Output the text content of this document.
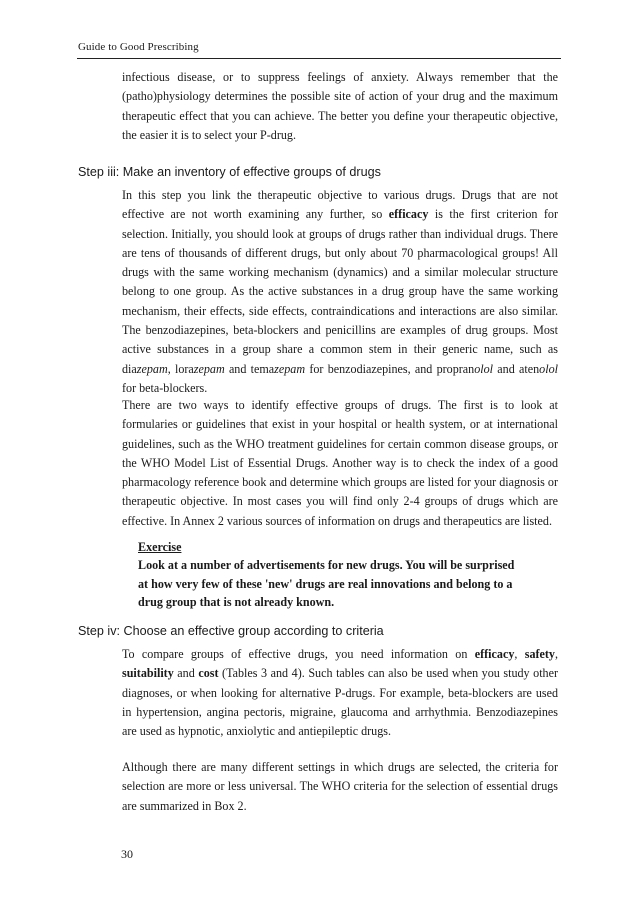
Guide to Good Prescribing

infectious disease, or to suppress feelings of anxiety. Always remember that the (patho)physiology determines the possible site of action of your drug and the maximum therapeutic effect that you can achieve. The better you define your therapeutic objective, the easier it is to select your P-drug.

Step iii: Make an inventory of effective groups of drugs

In this step you link the therapeutic objective to various drugs. Drugs that are not effective are not worth examining any further, so efficacy is the first criterion for selection. Initially, you should look at groups of drugs rather than individual drugs. There are tens of thousands of different drugs, but only about 70 pharmacological groups! All drugs with the same working mechanism (dynamics) and a similar molecular structure belong to one group. As the active substances in a drug group have the same working mechanism, their effects, side effects, contraindications and interactions are also similar. The benzodiazepines, beta-blockers and penicillins are examples of drug groups. Most active substances in a group share a common stem in their generic name, such as diazepam, lorazepam and temazepam for benzodiazepines, and propranolol and atenolol for beta-blockers.

There are two ways to identify effective groups of drugs. The first is to look at formularies or guidelines that exist in your hospital or health system, or at international guidelines, such as the WHO treatment guidelines for certain common disease groups, or the WHO Model List of Essential Drugs. Another way is to check the index of a good pharmacology reference book and determine which groups are listed for your diagnosis or therapeutic objective. In most cases you will find only 2-4 groups of drugs which are effective. In Annex 2 various sources of information on drugs and therapeutics are listed.

Exercise
Look at a number of advertisements for new drugs. You will be surprised at how very few of these 'new' drugs are real innovations and belong to a drug group that is not already known.

Step iv: Choose an effective group according to criteria

To compare groups of effective drugs, you need information on efficacy, safety, suitability and cost (Tables 3 and 4). Such tables can also be used when you study other diagnoses, or when looking for alternative P-drugs. For example, beta-blockers are used in hypertension, angina pectoris, migraine, glaucoma and arrhythmia. Benzodiazepines are used as hypnotic, anxiolytic and antiepileptic drugs.

Although there are many different settings in which drugs are selected, the criteria for selection are more or less universal. The WHO criteria for the selection of essential drugs are summarized in Box 2.

30
